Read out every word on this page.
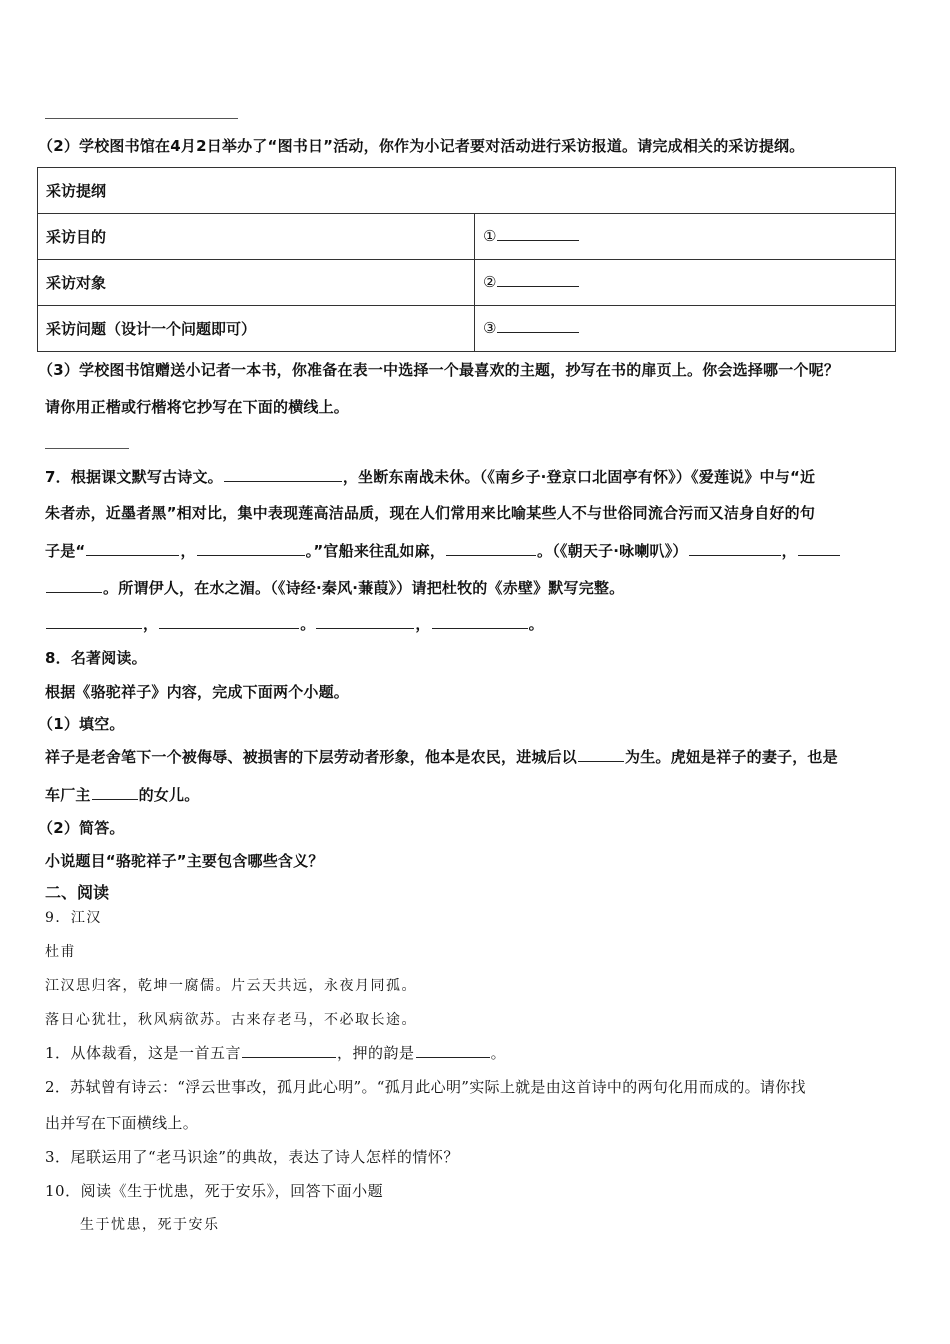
（2）学校图书馆在4月2日举办了“图书日”活动，你作为小记者要对活动进行采访报道。请完成相关的采访提纲。
采访提纲	
采访目的	①
采访对象	②
采访问题（设计一个问题即可）	③
（3）学校图书馆赠送小记者一本书，你准备在表一中选择一个最喜欢的主题，抄写在书的扉页上。你会选择哪一个呢？
请你用正楷或行楷将它抄写在下面的横线上。
7．根据课文默写古诗文。	，坐断东南战未休。（《南乡子·登京口北固亭有怀》）《爱莲说》中与“近
朱者赤，近墨者黑”相对比，集中表现莲高洁品质，现在人们常用来比喻某些人不与世俗同流合污而又洁身自好的句
子是“	，	。”官船来往乱如麻，	。（《朝天子·咏喇叭》）	，
。所谓伊人，在水之湄。（《诗经·秦风·蒹葭》）请把杜牧的《赤壁》默写完整。
，	。	，	。
8．名著阅读。
根据《骆驼祥子》内容，完成下面两个小题。
（1）填空。
祥子是老舍笔下一个被侮辱、被损害的下层劳动者形象，他本是农民，进城后以	为生。虎妞是祥子的妻子，也是
车厂主	的女儿。
（2）简答。
小说题目“骆驼祥子”主要包含哪些含义？
二、阅读
9．江汉
杜甫
江汉思归客，乾坤一腐儒。片云天共远，永夜月同孤。
落日心犹壮，秋风病欲苏。古来存老马，不必取长途。
1．从体裁看，这是一首五言	，押的韵是	。
2．苏轼曾有诗云：“浮云世事改，孤月此心明”。“孤月此心明”实际上就是由这首诗中的两句化用而成的。请你找
出并写在下面横线上。
3．尾联运用了“老马识途”的典故，表达了诗人怎样的情怀？
10．阅读《生于忧患，死于安乐》，回答下面小题
生于忧患，死于安乐
